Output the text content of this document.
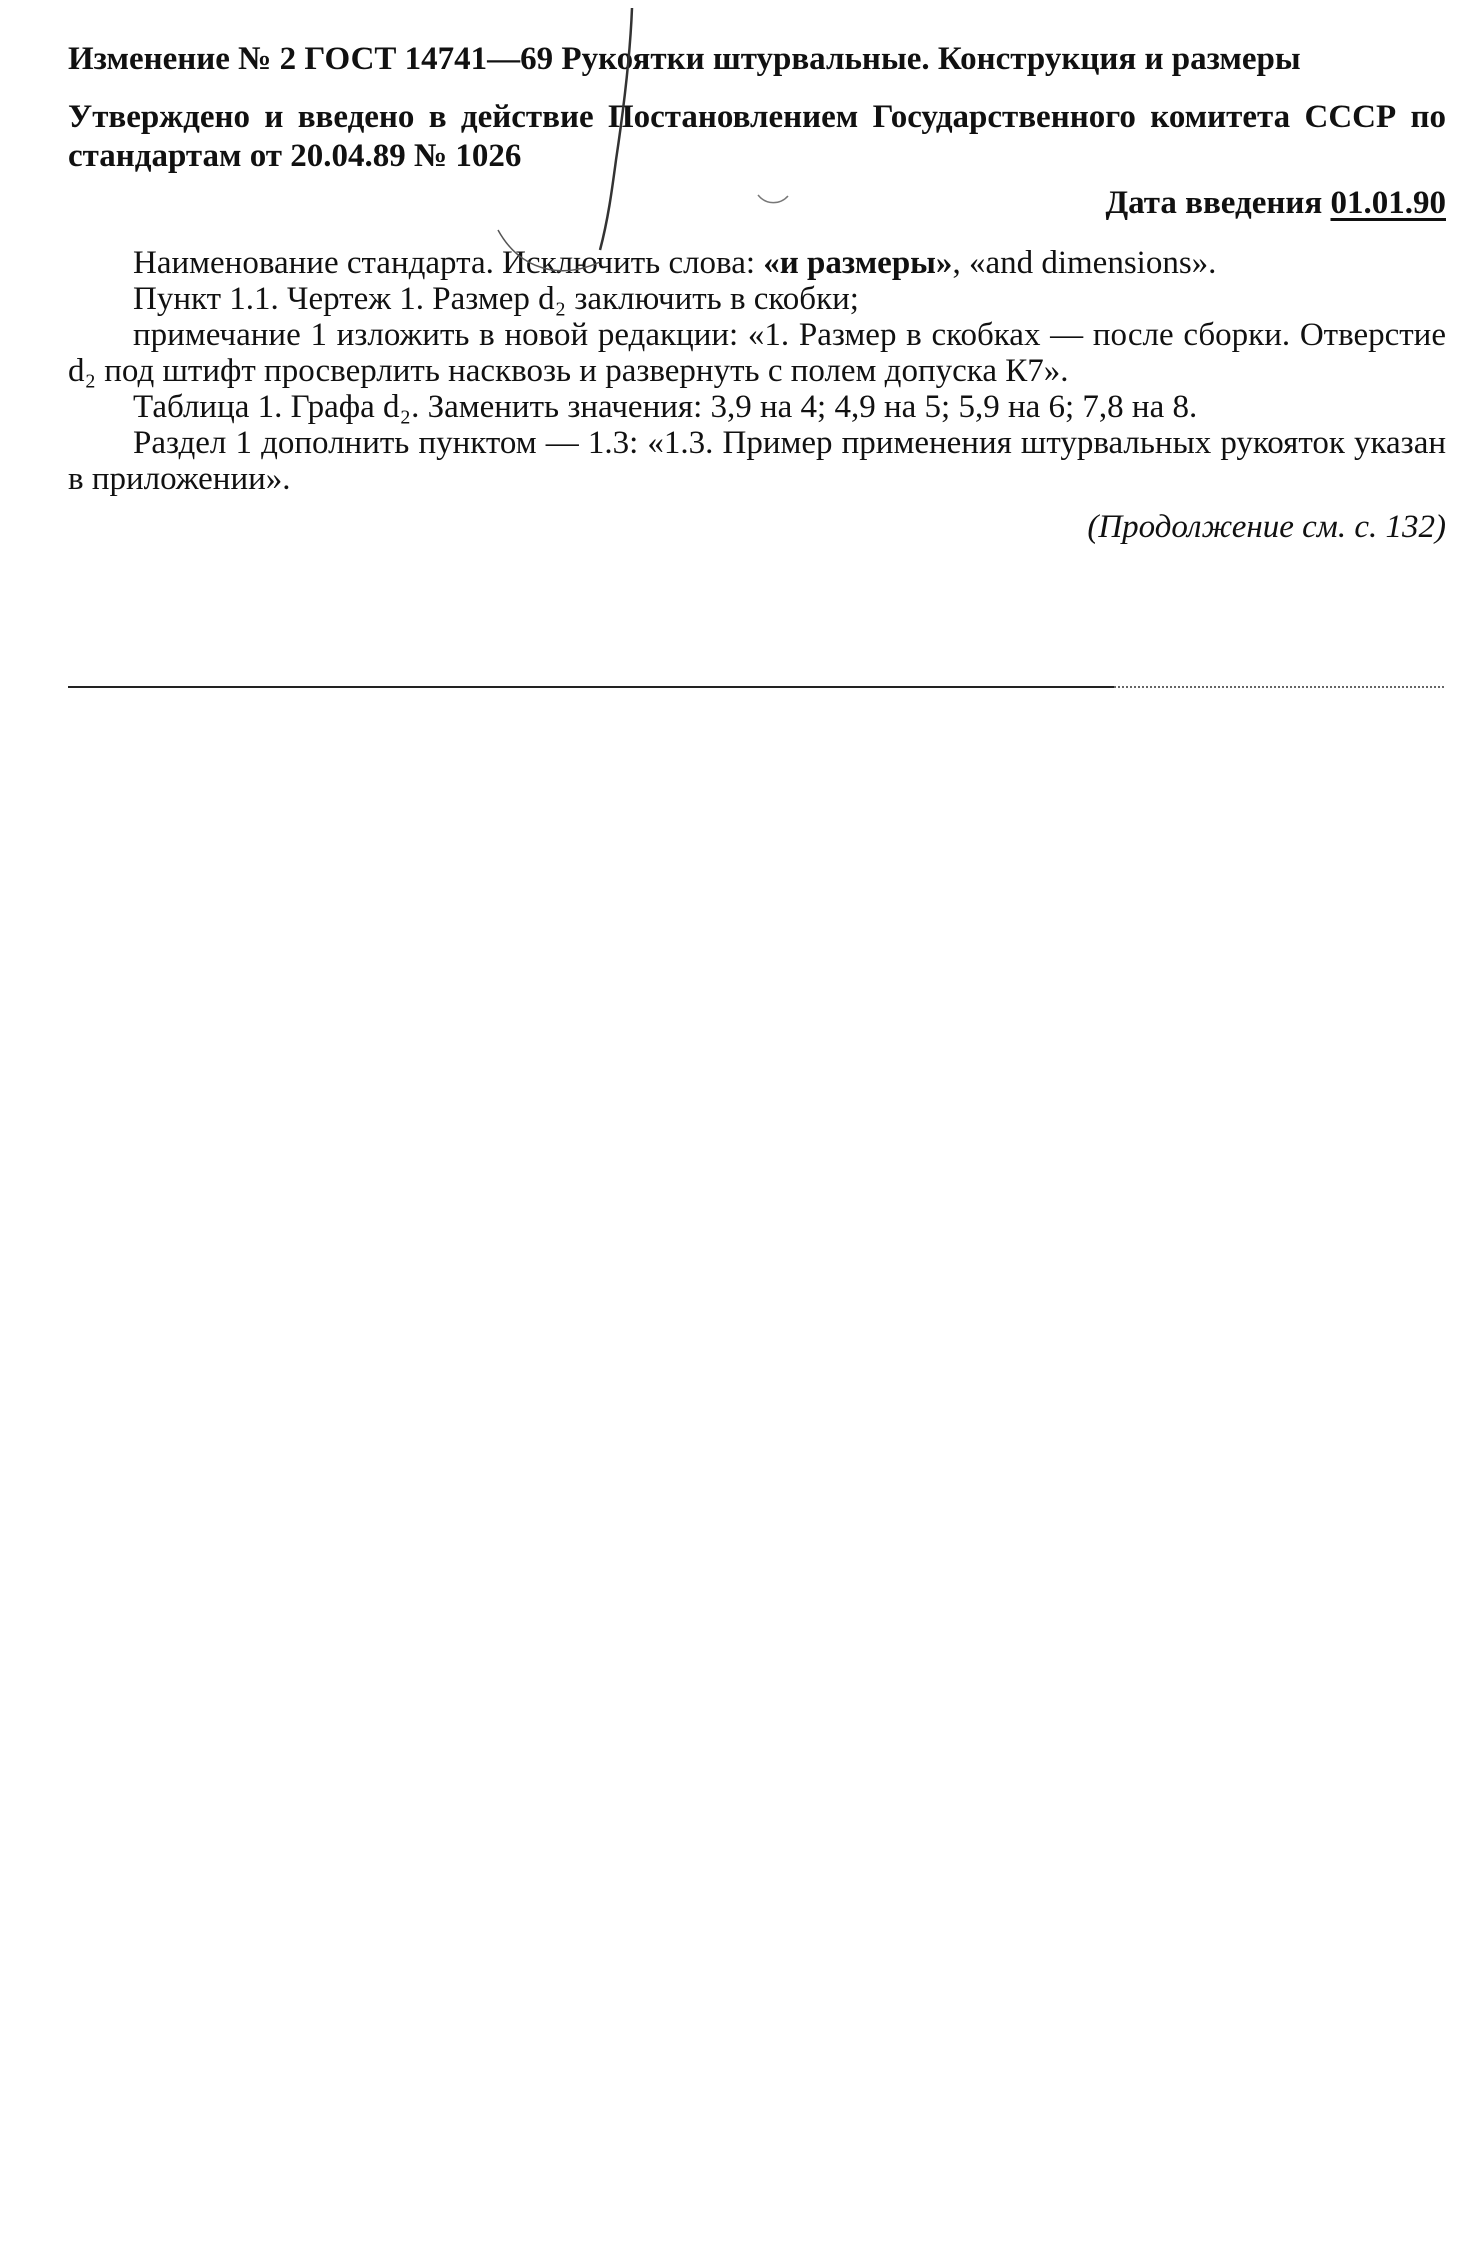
Изменение № 2 ГОСТ 14741—69 Рукоятки штурвальные. Конструкция и размеры

Утверждено и введено в действие Постановлением Государственного комитета СССР по стандартам от 20.04.89 № 1026

Дата введения 01.01.90

Наименование стандарта. Исключить слова: «и размеры», «and dimensions».

Пункт 1.1. Чертеж 1. Размер d₂ заключить в скобки;

примечание 1 изложить в новой редакции: «1. Размер в скобках — после сборки. Отверстие d₂ под штифт просверлить насквозь и развернуть с полем допуска К7».

Таблица 1. Графа d₂. Заменить значения: 3,9 на 4; 4,9 на 5; 5,9 на 6; 7,8 на 8.

Раздел 1 дополнить пунктом — 1.3: «1.3. Пример применения штурвальных рукояток указан в приложении».

(Продолжение см. с. 132)
